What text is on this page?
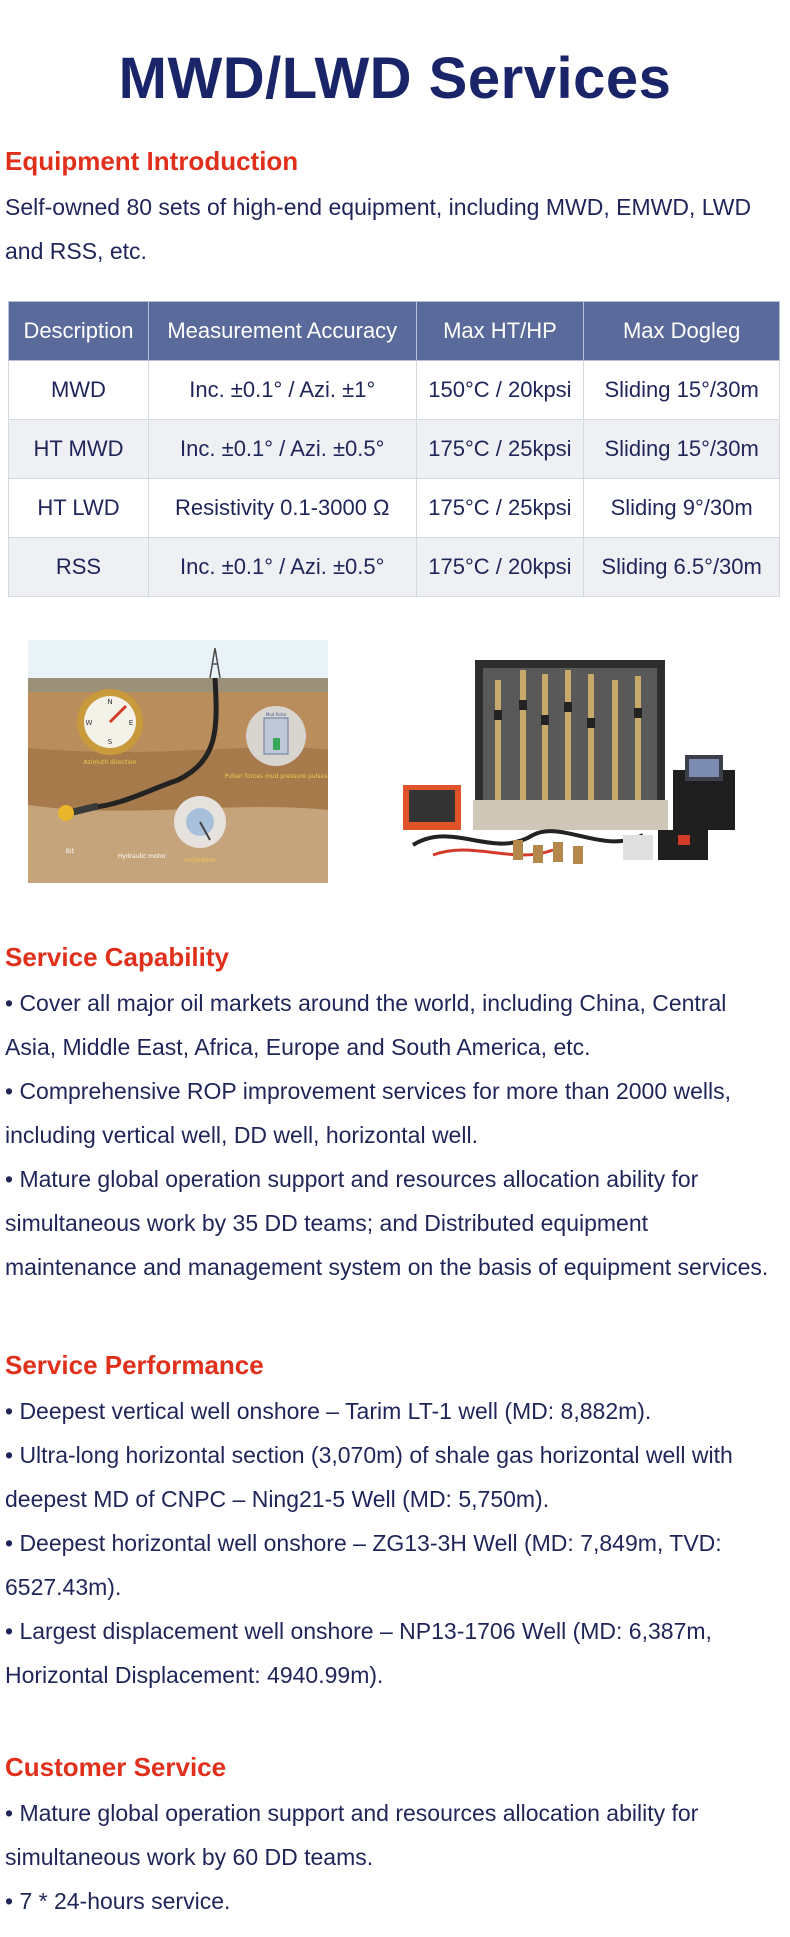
MWD/LWD Services
Equipment Introduction

Self-owned 80 sets of high-end equipment, including MWD, EMWD, LWD

and RSS, etc.

Description	Measurement Accuracy	Max HT/HP	Max Dogleg
MWD	Inc. ±0.1° / Azi. ±1°	150°C / 20kpsi	Sliding 15°/30m
HT MWD	Inc. ±0.1° / Azi. ±0.5°	175°C / 25kpsi	Sliding 15°/30m
HT LWD	Resistivity 0.1-3000 Ω	175°C / 25kpsi	Sliding 9°/30m
RSS	Inc. ±0.1° / Azi. ±0.5°	175°C / 20kpsi	Sliding 6.5°/30m
N
E
S
W
Azimuth direction
Mud Pulse
Pulser forces mud pressure pulses
Inclination
Bit
Hydraulic motor
Service Capability

• Cover all major oil markets around the world, including China, Central

Asia, Middle East, Africa, Europe and South America, etc.

• Comprehensive ROP improvement services for more than 2000 wells,

including vertical well, DD well, horizontal well.

• Mature global operation support and resources allocation ability for

simultaneous work by 35 DD teams; and Distributed equipment

maintenance and management system on the basis of equipment services.

Service Performance

• Deepest vertical well onshore – Tarim LT-1 well (MD: 8,882m).

• Ultra-long horizontal section (3,070m) of shale gas horizontal well with

deepest MD of CNPC – Ning21-5 Well (MD: 5,750m).

• Deepest horizontal well onshore – ZG13-3H Well (MD: 7,849m, TVD:

6527.43m).

• Largest displacement well onshore – NP13-1706 Well (MD: 6,387m,

Horizontal Displacement: 4940.99m).

Customer Service

• Mature global operation support and resources allocation ability for

simultaneous work by 60 DD teams.

• 7 * 24-hours service.
